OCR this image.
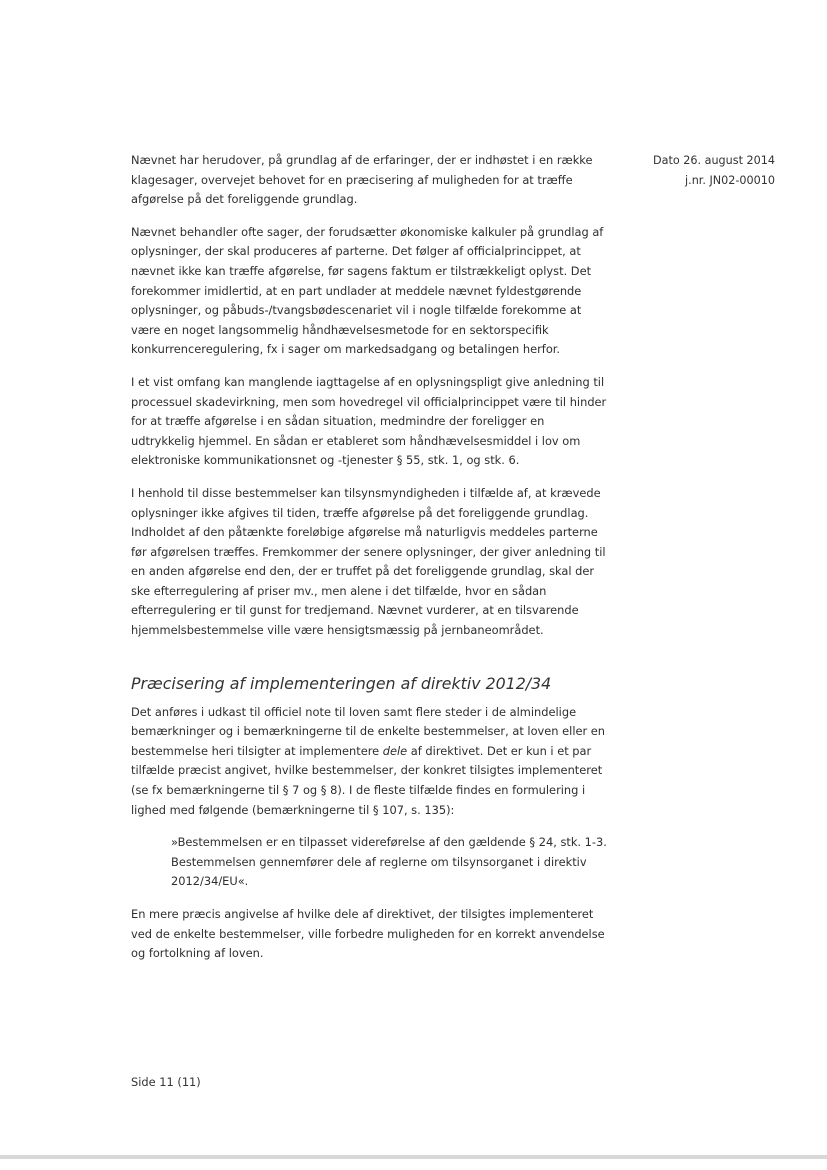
Dato 26. august 2014
j.nr. JN02-00010

Nævnet har herudover, på grundlag af de erfaringer, der er indhøstet i en række klagesager, overvejet behovet for en præcisering af muligheden for at træffe afgørelse på det foreliggende grundlag.

Nævnet behandler ofte sager, der forudsætter økonomiske kalkuler på grundlag af oplysninger, der skal produceres af parterne. Det følger af officialprincippet, at nævnet ikke kan træffe afgørelse, før sagens faktum er tilstrækkeligt oplyst. Det forekommer imidlertid, at en part undlader at meddele nævnet fyldestgørende oplysninger, og påbuds-/tvangsbødescenariet vil i nogle tilfælde forekomme at være en noget langsommelig håndhævelsesmetode for en sektorspecifik konkurrenceregulering, fx i sager om markedsadgang og betalingen herfor.

I et vist omfang kan manglende iagttagelse af en oplysningspligt give anledning til processuel skadevirkning, men som hovedregel vil officialprincippet være til hinder for at træffe afgørelse i en sådan situation, medmindre der foreligger en udtrykkelig hjemmel. En sådan er etableret som håndhævelsesmiddel i lov om elektroniske kommunikationsnet og -tjenester § 55, stk. 1, og stk. 6.

I henhold til disse bestemmelser kan tilsynsmyndigheden i tilfælde af, at krævede oplysninger ikke afgives til tiden, træffe afgørelse på det foreliggende grundlag. Indholdet af den påtænkte foreløbige afgørelse må naturligvis meddeles parterne før afgørelsen træffes. Fremkommer der senere oplysninger, der giver anledning til en anden afgørelse end den, der er truffet på det foreliggende grundlag, skal der ske efterregulering af priser mv., men alene i det tilfælde, hvor en sådan efterregulering er til gunst for tredjemand. Nævnet vurderer, at en tilsvarende hjemmelsbestemmelse ville være hensigtsmæssig på jernbaneområdet.

Præcisering af implementeringen af direktiv 2012/34

Det anføres i udkast til officiel note til loven samt flere steder i de almindelige bemærkninger og i bemærkningerne til de enkelte bestemmelser, at loven eller en bestemmelse heri tilsigter at implementere dele af direktivet. Det er kun i et par tilfælde præcist angivet, hvilke bestemmelser, der konkret tilsigtes implementeret (se fx bemærkningerne til § 7 og § 8). I de fleste tilfælde findes en formulering i lighed med følgende (bemærkningerne til § 107, s. 135):

»Bestemmelsen er en tilpasset videreførelse af den gældende § 24, stk. 1-3. Bestemmelsen gennemfører dele af reglerne om tilsynsorganet i direktiv 2012/34/EU«.

En mere præcis angivelse af hvilke dele af direktivet, der tilsigtes implementeret ved de enkelte bestemmelser, ville forbedre muligheden for en korrekt anvendelse og fortolkning af loven.

Side 11 (11)
